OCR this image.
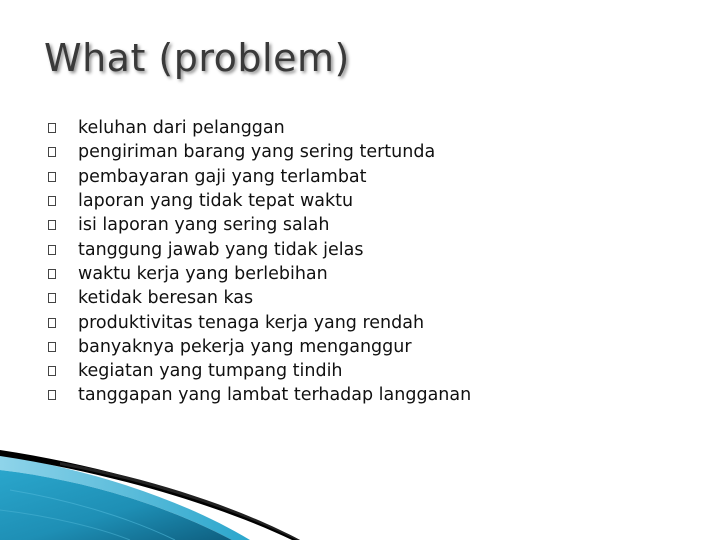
What (problem)
keluhan dari pelanggan
pengiriman barang yang sering tertunda
pembayaran gaji yang terlambat
laporan yang tidak tepat waktu
isi laporan yang sering salah
tanggung jawab yang tidak jelas
waktu kerja yang berlebihan
ketidak beresan kas
produktivitas tenaga kerja yang rendah
banyaknya pekerja yang menganggur
kegiatan yang tumpang tindih
tanggapan yang lambat terhadap langganan
